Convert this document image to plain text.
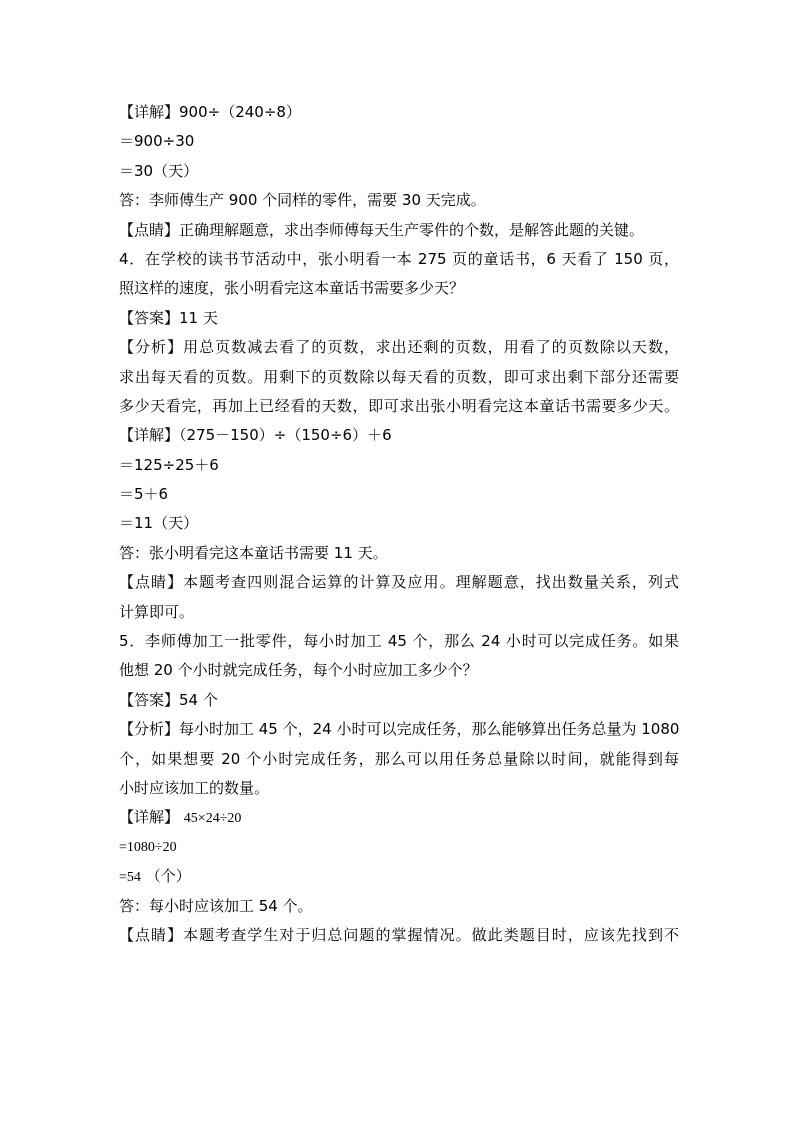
【详解】900÷（240÷8）
＝900÷30
＝30（天）
答：李师傅生产 900 个同样的零件，需要 30 天完成。
【点睛】正确理解题意，求出李师傅每天生产零件的个数，是解答此题的关键。
4．在学校的读书节活动中，张小明看一本 275 页的童话书，6 天看了 150 页，
照这样的速度，张小明看完这本童话书需要多少天？
【答案】11 天
【分析】用总页数减去看了的页数，求出还剩的页数，用看了的页数除以天数，
求出每天看的页数。用剩下的页数除以每天看的页数，即可求出剩下部分还需要
多少天看完，再加上已经看的天数，即可求出张小明看完这本童话书需要多少天。
【详解】（275－150）÷（150÷6）＋6
＝125÷25＋6
＝5＋6
＝11（天）
答：张小明看完这本童话书需要 11 天。
【点睛】本题考查四则混合运算的计算及应用。理解题意，找出数量关系，列式
计算即可。
5．李师傅加工一批零件，每小时加工 45 个，那么 24 小时可以完成任务。如果
他想 20 个小时就完成任务，每个小时应加工多少个？
【答案】54 个
【分析】每小时加工 45 个，24 小时可以完成任务，那么能够算出任务总量为 1080
个，如果想要 20 个小时完成任务，那么可以用任务总量除以时间，就能得到每
小时应该加工的数量。
【详解】 45×24÷20
=1080÷20
=54 （个）
答：每小时应该加工 54 个。
【点睛】本题考查学生对于归总问题的掌握情况。做此类题目时，应该先找到不
